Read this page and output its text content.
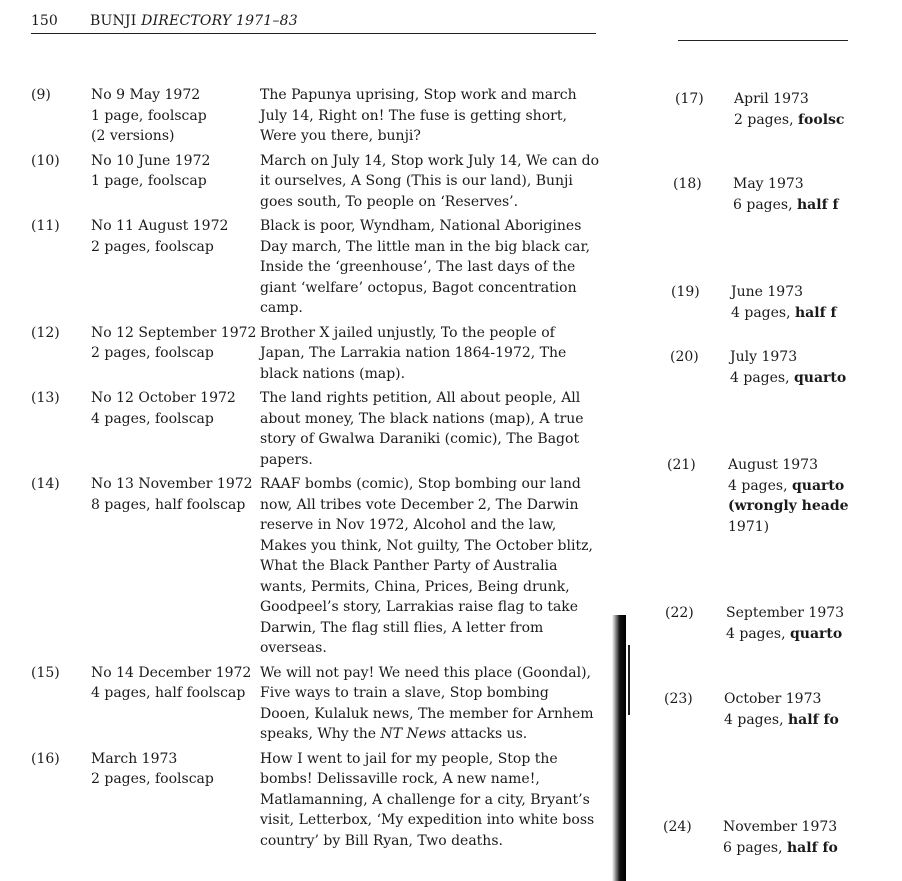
150 BUNJI DIRECTORY 1971–83
(9)	No 9 May 1972
1 page, foolscap
(2 versions)
The Papunya uprising, Stop work and march July 14, Right on! The fuse is getting short, Were you there, bunji?
(10) No 10 June 1972
1 page, foolscap
March on July 14, Stop work July 14, We can do it ourselves, A Song (This is our land), Bunji goes south, To people on ‘Reserves’.
(11) No 11 August 1972
2 pages, foolscap
Black is poor, Wyndham, National Aborigines Day march, The little man in the big black car, Inside the ‘greenhouse’, The last days of the giant ‘welfare’ octopus, Bagot concentration camp.
(12) No 12 September 1972
2 pages, foolscap
Brother X jailed unjustly, To the people of Japan, The Larrakia nation 1864-1972, The black nations (map).
(13) No 12 October 1972
4 pages, foolscap
The land rights petition, All about people, All about money, The black nations (map), A true story of Gwalwa Daraniki (comic), The Bagot papers.
(14) No 13 November 1972
8 pages, half foolscap
RAAF bombs (comic), Stop bombing our land now, All tribes vote December 2, The Darwin reserve in Nov 1972, Alcohol and the law, Makes you think, Not guilty, The October blitz, What the Black Panther Party of Australia wants, Permits, China, Prices, Being drunk, Goodpeel’s story, Larrakias raise flag to take Darwin, The flag still flies, A letter from overseas.
(15) No 14 December 1972
4 pages, half foolscap
We will not pay! We need this place (Goondal), Five ways to train a slave, Stop bombing Dooen, Kulaluk news, The member for Arnhem speaks, Why the NT News attacks us.
(16) March 1973
2 pages, foolscap
How I went to jail for my people, Stop the bombs! Delissaville rock, A new name!, Matlamanning, A challenge for a city, Bryant’s visit, Letterbox, ‘My expedition into white boss country’ by Bill Ryan, Two deaths.
(17) April 1973
2 pages, foolsc
(18) May 1973
6 pages, half f
(19) June 1973
4 pages, half f
(20) July 1973
4 pages, quarto
(21) August 1973
4 pages, quarto
(wrongly heade
1971)
(22) September 1973
4 pages, quarto
(23) October 1973
4 pages, half fo
(24) November 1973
6 pages, half fo
